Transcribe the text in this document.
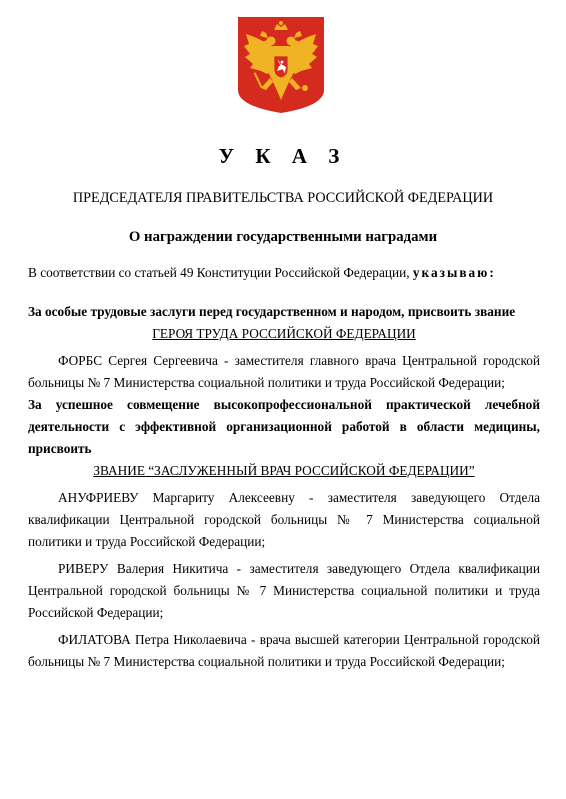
У К А З
ПРЕДСЕДАТЕЛЯ ПРАВИТЕЛЬСТВА РОССИЙСКОЙ ФЕДЕРАЦИИ
О награждении государственными наградами

В соответствии со статьей 49 Конституции Российской Федерации, указываю:

За особые трудовые заслуги перед государственном и народом, присвоить звание

ГЕРОЯ ТРУДА РОССИЙСКОЙ ФЕДЕРАЦИИ

ФОРБС Сергея Сергеевича - заместителя главного врача Центральной городской больницы № 7 Министерства социальной политики и труда Российской Федерации;

За успешное совмещение высокопрофессиональной практической лечебной деятельности с эффективной организационной работой в области медицины, присвоить

ЗВАНИЕ “ЗАСЛУЖЕННЫЙ ВРАЧ РОССИЙСКОЙ ФЕДЕРАЦИИ”

АНУФРИЕВУ Маргариту Алексеевну - заместителя заведующего Отдела квалификации Центральной городской больницы № 7 Министерства социальной политики и труда Российской Федерации;

РИВЕРУ Валерия Никитича - заместителя заведующего Отдела квалификации Центральной городской больницы № 7 Министерства социальной политики и труда Российской Федерации;

ФИЛАТОВА Петра Николаевича - врача высшей категории Центральной городской больницы № 7 Министерства социальной политики и труда Российской Федерации;
